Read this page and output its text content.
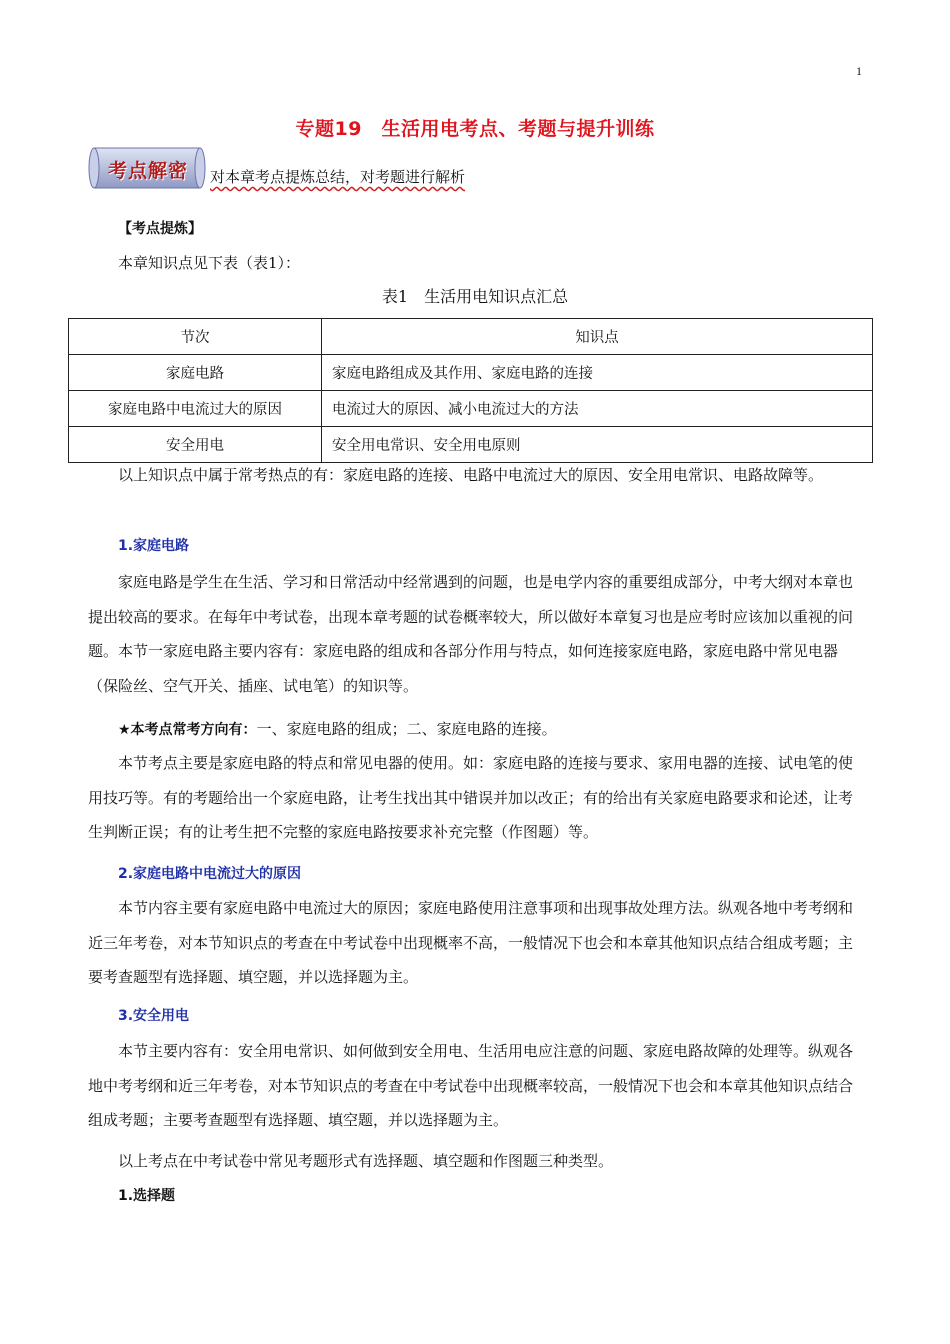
1
专题19　生活用电考点、考题与提升训练
考点解密	对本章考点提炼总结，对考题进行解析
【考点提炼】
本章知识点见下表（表1）：
表1　生活用电知识点汇总
节次	知识点
家庭电路	家庭电路组成及其作用、家庭电路的连接
家庭电路中电流过大的原因	电流过大的原因、减小电流过大的方法
安全用电	安全用电常识、安全用电原则
以上知识点中属于常考热点的有：家庭电路的连接、电路中电流过大的原因、安全用电常识、电路故障等。
1.家庭电路
家庭电路是学生在生活、学习和日常活动中经常遇到的问题，也是电学内容的重要组成部分，中考大纲对本章也提出较高的要求。在每年中考试卷，出现本章考题的试卷概率较大，所以做好本章复习也是应考时应该加以重视的问题。本节一家庭电路主要内容有：家庭电路的组成和各部分作用与特点，如何连接家庭电路，家庭电路中常见电器（保险丝、空气开关、插座、试电笔）的知识等。
★本考点常考方向有：一、家庭电路的组成；二、家庭电路的连接。
本节考点主要是家庭电路的特点和常见电器的使用。如：家庭电路的连接与要求、家用电器的连接、试电笔的使用技巧等。有的考题给出一个家庭电路，让考生找出其中错误并加以改正；有的给出有关家庭电路要求和论述，让考生判断正误；有的让考生把不完整的家庭电路按要求补充完整（作图题）等。
2.家庭电路中电流过大的原因
本节内容主要有家庭电路中电流过大的原因；家庭电路使用注意事项和出现事故处理方法。纵观各地中考考纲和近三年考卷，对本节知识点的考查在中考试卷中出现概率不高，一般情况下也会和本章其他知识点结合组成考题；主要考查题型有选择题、填空题，并以选择题为主。
3.安全用电
本节主要内容有：安全用电常识、如何做到安全用电、生活用电应注意的问题、家庭电路故障的处理等。纵观各地中考考纲和近三年考卷，对本节知识点的考查在中考试卷中出现概率较高，一般情况下也会和本章其他知识点结合组成考题；主要考查题型有选择题、填空题，并以选择题为主。
以上考点在中考试卷中常见考题形式有选择题、填空题和作图题三种类型。
1.选择题
